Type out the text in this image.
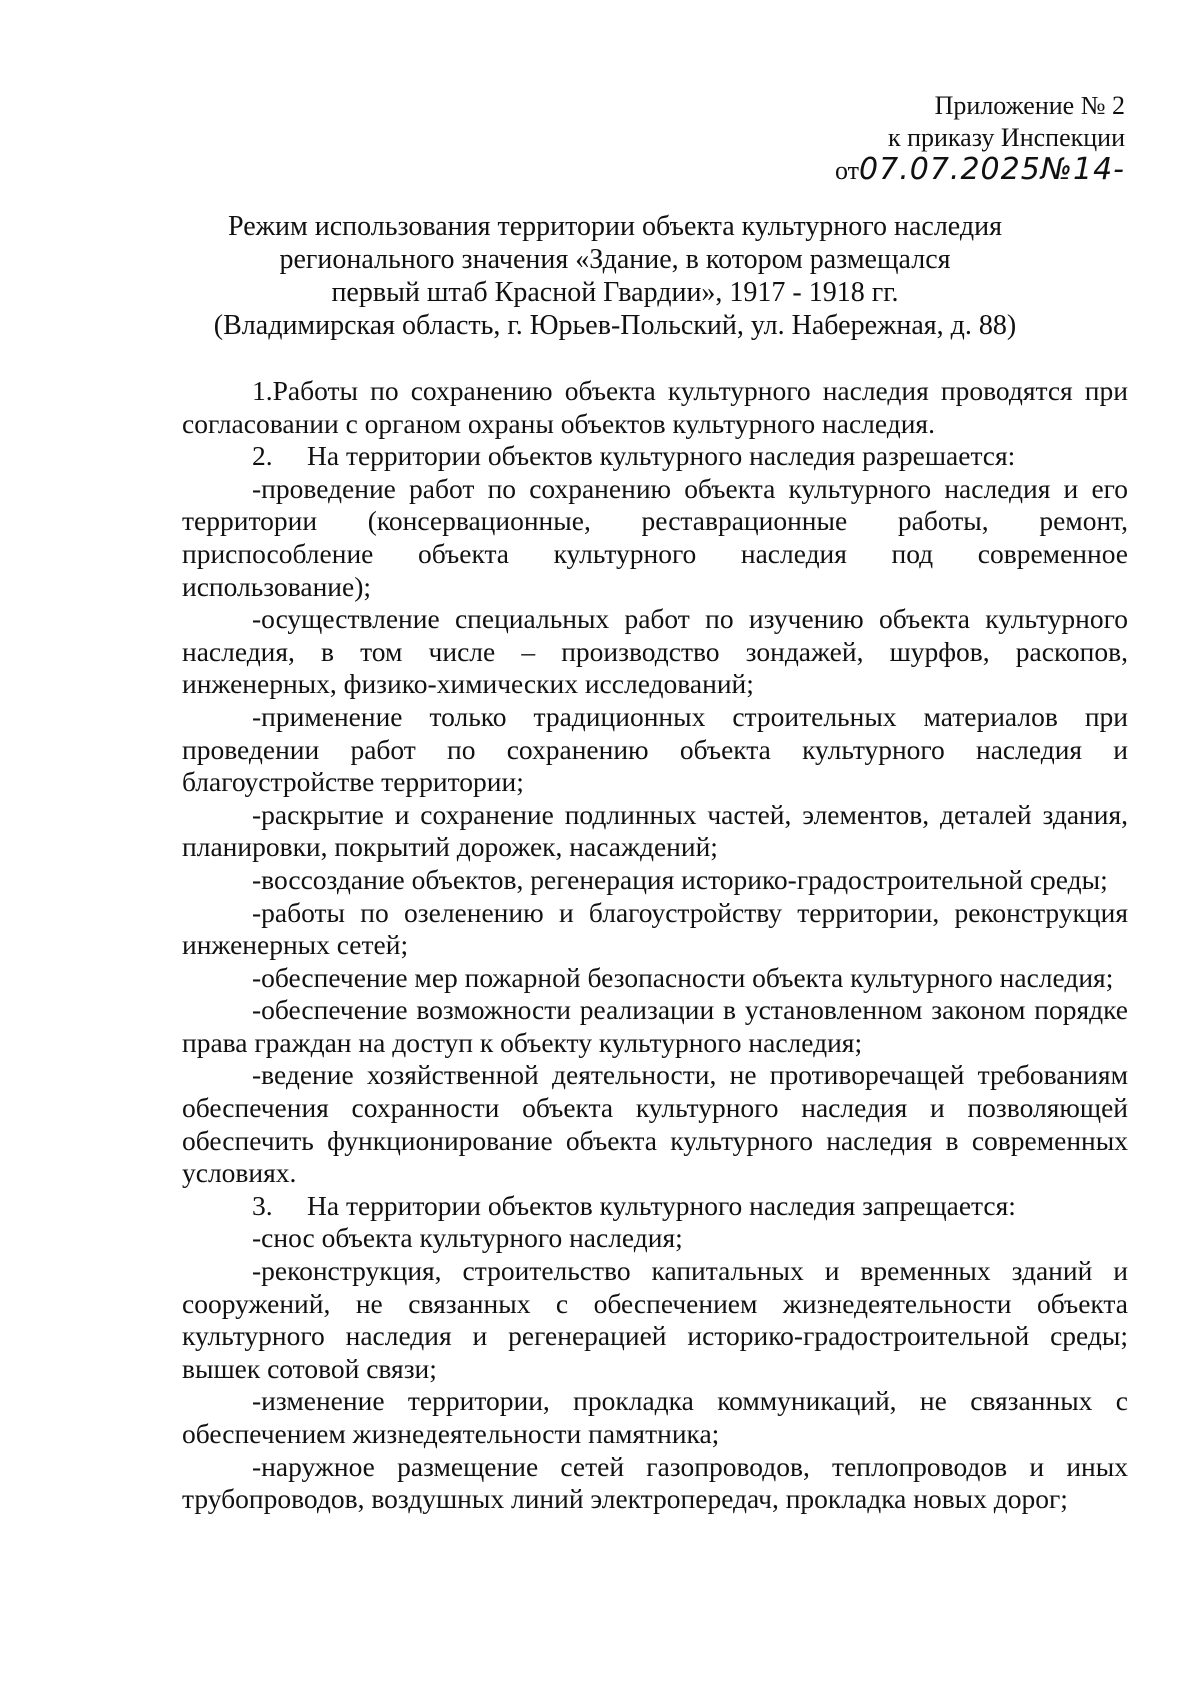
Приложение № 2
к приказу Инспекции
от07.07.2025№14-
Режим использования территории объекта культурного наследия
регионального значения «Здание, в котором размещался
первый штаб Красной Гвардии», 1917 - 1918 гг.
(Владимирская область, г. Юрьев-Польский, ул. Набережная, д. 88)

1.Работы по сохранению объекта культурного наследия проводятся при согласовании с органом охраны объектов культурного наследия.

2. На территории объектов культурного наследия разрешается:

-проведение работ по сохранению объекта культурного наследия и его территории (консервационные, реставрационные работы, ремонт, приспособление объекта культурного наследия под современное использование);

-осуществление специальных работ по изучению объекта культурного наследия, в том числе – производство зондажей, шурфов, раскопов, инженерных, физико-химических исследований;

-применение только традиционных строительных материалов при проведении работ по сохранению объекта культурного наследия и благоустройстве территории;

-раскрытие и сохранение подлинных частей, элементов, деталей здания, планировки, покрытий дорожек, насаждений;

-воссоздание объектов, регенерация историко-градостроительной среды;

-работы по озеленению и благоустройству территории, реконструкция инженерных сетей;

-обеспечение мер пожарной безопасности объекта культурного наследия;

-обеспечение возможности реализации в установленном законом порядке права граждан на доступ к объекту культурного наследия;

-ведение хозяйственной деятельности, не противоречащей требованиям обеспечения сохранности объекта культурного наследия и позволяющей обеспечить функционирование объекта культурного наследия в современных условиях.

3. На территории объектов культурного наследия запрещается:

-снос объекта культурного наследия;

-реконструкция, строительство капитальных и временных зданий и сооружений, не связанных с обеспечением жизнедеятельности объекта культурного наследия и регенерацией историко-градостроительной среды; вышек сотовой связи;

-изменение территории, прокладка коммуникаций, не связанных с обеспечением жизнедеятельности памятника;

-наружное размещение сетей газопроводов, теплопроводов и иных трубопроводов, воздушных линий электропередач, прокладка новых дорог;
